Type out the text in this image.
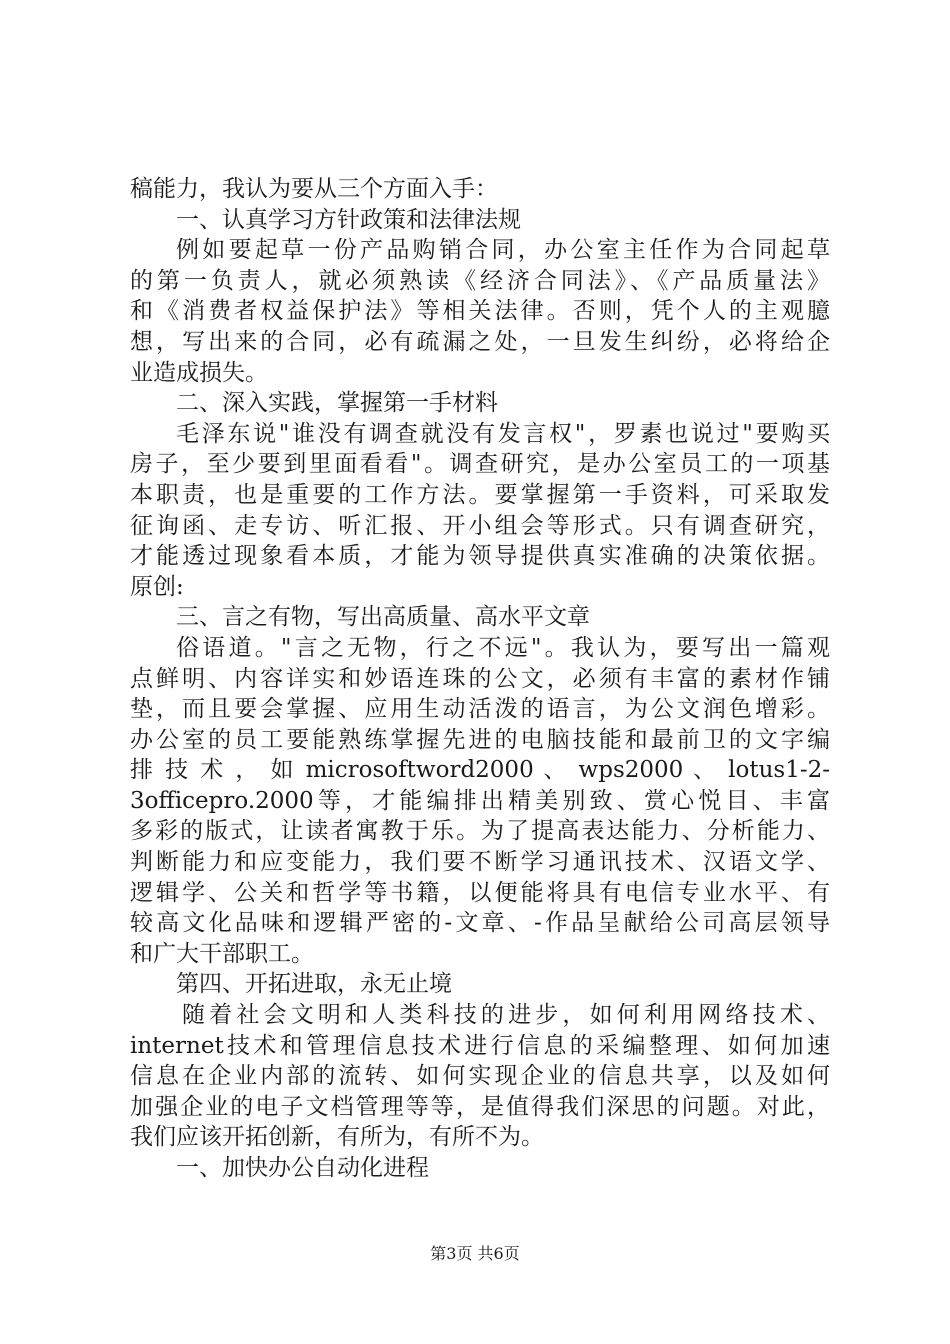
稿能力，我认为要从三个方面入手：
一、认真学习方针政策和法律法规
例如要起草一份产品购销合同，办公室主任作为合同起草
的第一负责人，就必须熟读《经济合同法》、《产品质量法》
和《消费者权益保护法》等相关法律。否则，凭个人的主观臆
想，写出来的合同，必有疏漏之处，一旦发生纠纷，必将给企
业造成损失。
二、深入实践，掌握第一手材料
毛泽东说"谁没有调查就没有发言权"，罗素也说过"要购买
房子，至少要到里面看看"。调查研究，是办公室员工的一项基
本职责，也是重要的工作方法。要掌握第一手资料，可采取发
征询函、走专访、听汇报、开小组会等形式。只有调查研究，
才能透过现象看本质，才能为领导提供真实准确的决策依据。
原创:
三、言之有物，写出高质量、高水平文章
俗语道。"言之无物，行之不远"。我认为，要写出一篇观
点鲜明、内容详实和妙语连珠的公文，必须有丰富的素材作铺
垫，而且要会掌握、应用生动活泼的语言，为公文润色增彩。
办公室的员工要能熟练掌握先进的电脑技能和最前卫的文字编
排 技 术 ， 如 microsoftword2000 、 wps2000 、 lotus1-2-
3officepro.2000等，才能编排出精美别致、赏心悦目、丰富
多彩的版式，让读者寓教于乐。为了提高表达能力、分析能力、
判断能力和应变能力，我们要不断学习通讯技术、汉语文学、
逻辑学、公关和哲学等书籍，以便能将具有电信专业水平、有
较高文化品味和逻辑严密的-文章、-作品呈献给公司高层领导
和广大干部职工。
第四、开拓进取，永无止境
随着社会文明和人类科技的进步，如何利用网络技术、
internet技术和管理信息技术进行信息的采编整理、如何加速
信息在企业内部的流转、如何实现企业的信息共享，以及如何
加强企业的电子文档管理等等，是值得我们深思的问题。对此，
我们应该开拓创新，有所为，有所不为。
一、加快办公自动化进程
第3页 共6页
